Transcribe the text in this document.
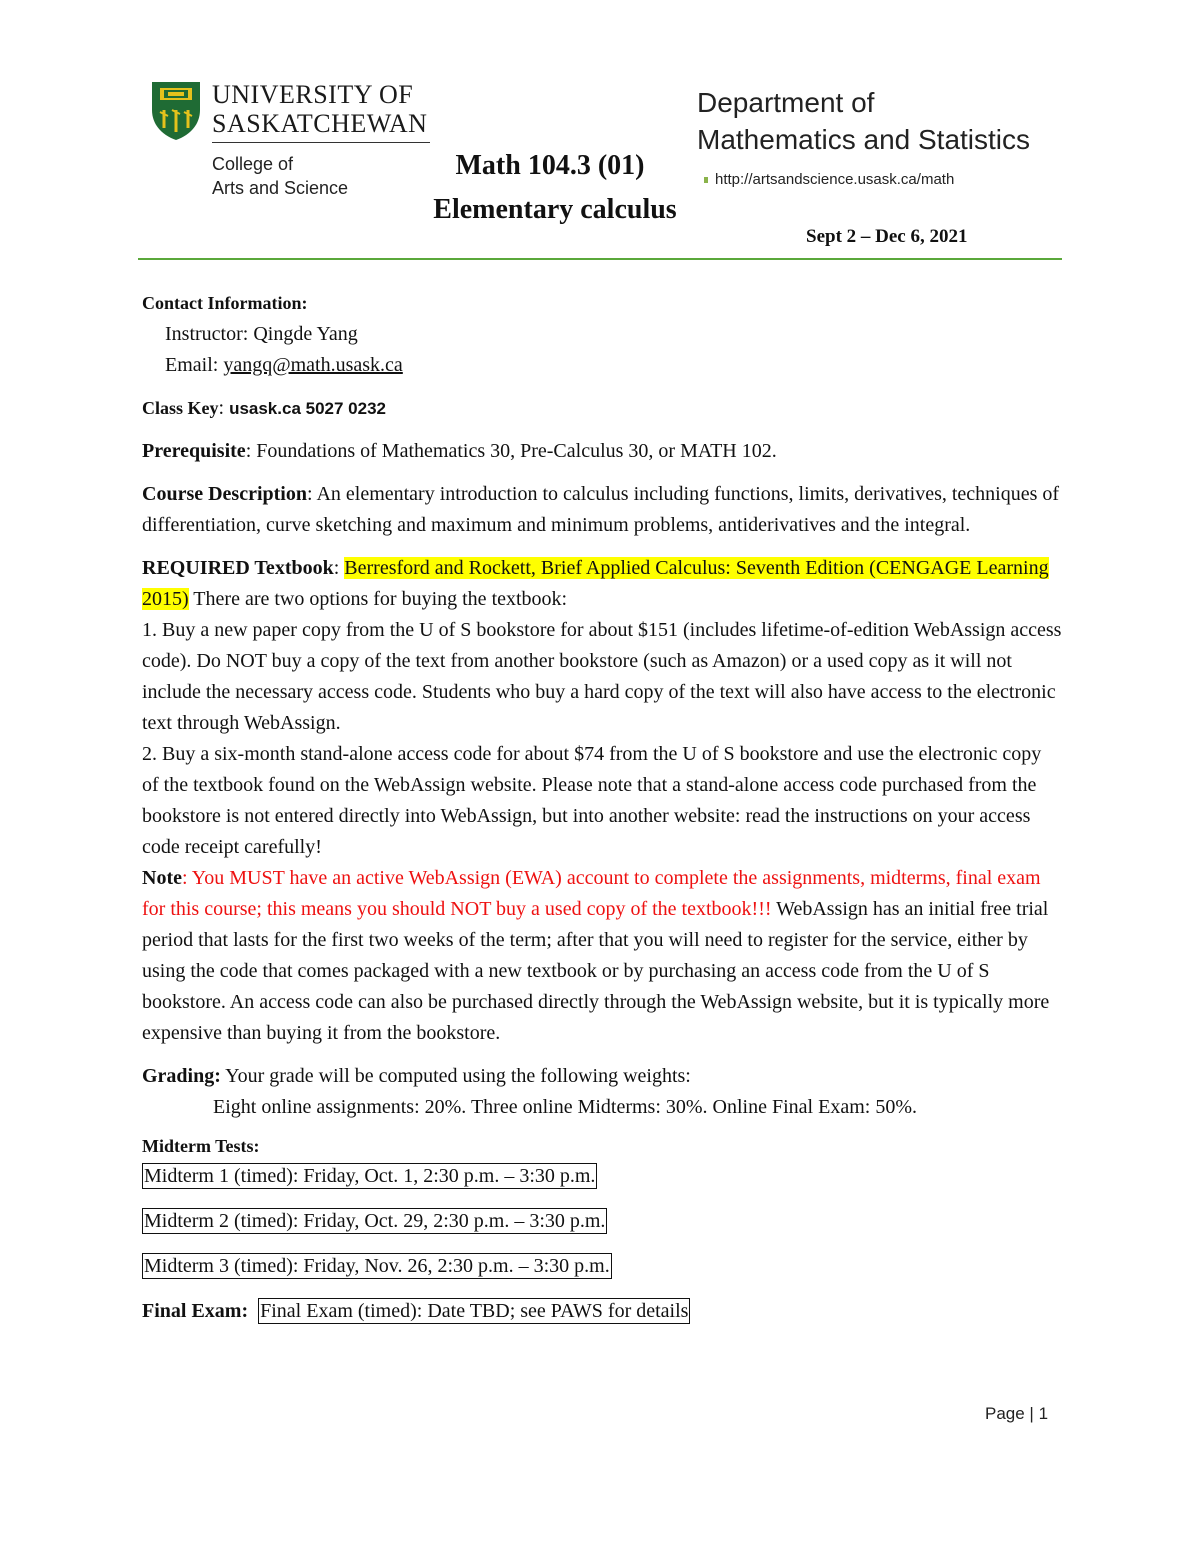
UNIVERSITY OF
SASKATCHEWAN
College of
Arts and Science
Math 104.3 (01)
Elementary calculus
Department of
Mathematics and Statistics
http://artsandscience.usask.ca/math
Sept 2 – Dec 6, 2021

Contact Information:

Instructor: Qingde Yang

Email: yangq@math.usask.ca

Class Key: usask.ca 5027 0232

Prerequisite: Foundations of Mathematics 30, Pre-Calculus 30, or MATH 102.

Course Description: An elementary introduction to calculus including functions, limits, derivatives, techniques of differentiation, curve sketching and maximum and minimum problems, antiderivatives and the integral.

REQUIRED Textbook: Berresford and Rockett, Brief Applied Calculus: Seventh Edition (CENGAGE Learning 2015) There are two options for buying the textbook:

1. Buy a new paper copy from the U of S bookstore for about $151 (includes lifetime-of-edition WebAssign access code). Do NOT buy a copy of the text from another bookstore (such as Amazon) or a used copy as it will not include the necessary access code. Students who buy a hard copy of the text will also have access to the electronic text through WebAssign.

2. Buy a six-month stand-alone access code for about $74 from the U of S bookstore and use the electronic copy of the textbook found on the WebAssign website. Please note that a stand-alone access code purchased from the bookstore is not entered directly into WebAssign, but into another website: read the instructions on your access code receipt carefully!

Note: You MUST have an active WebAssign (EWA) account to complete the assignments, midterms, final exam for this course; this means you should NOT buy a used copy of the textbook!!! WebAssign has an initial free trial period that lasts for the first two weeks of the term; after that you will need to register for the service, either by using the code that comes packaged with a new textbook or by purchasing an access code from the U of S bookstore. An access code can also be purchased directly through the WebAssign website, but it is typically more expensive than buying it from the bookstore.

Grading: Your grade will be computed using the following weights:

Eight online assignments: 20%. Three online Midterms: 30%. Online Final Exam: 50%.

Midterm Tests:

Midterm 1 (timed): Friday, Oct. 1, 2:30 p.m. – 3:30 p.m.
Midterm 2 (timed): Friday, Oct. 29, 2:30 p.m. – 3:30 p.m.
Midterm 3 (timed): Friday, Nov. 26, 2:30 p.m. – 3:30 p.m.

Final Exam: Final Exam (timed): Date TBD; see PAWS for details

Page | 1
